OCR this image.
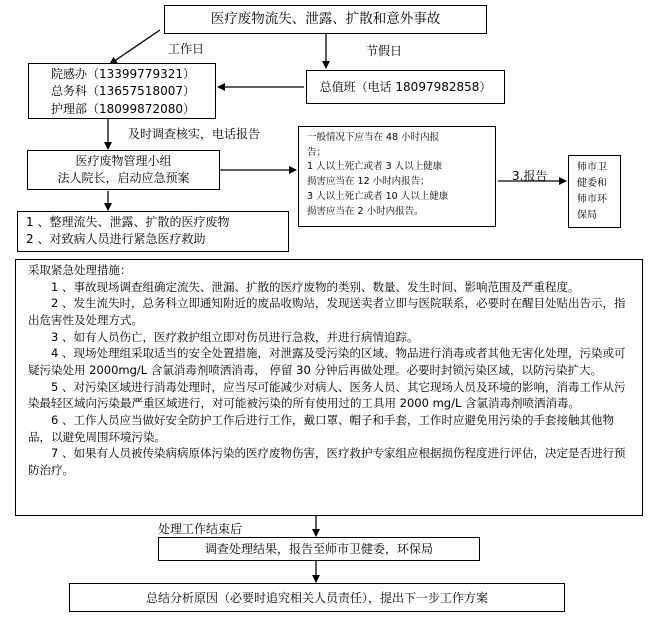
医疗废物流失、泄露、扩散和意外事故
工作日	节假日
院感办（13399779321）
总务科（13657518007）
护理部（18099872080）
总值班（电话 18097982858）
及时调查核实，电话报告
医疗废物管理小组
法人院长，启动应急预案
一般情况下应当在 48 小时内报
告；
1 人以上死亡或者 3 人以上健康
损害应当在 12 小时内报告；
3 人以上死亡或者 10 人以上健康
损害应当在 2 小时内报告。
3.报告
师市卫
健委和
师市环
保局
1 、整理流失、泄露、扩散的医疗废物
2 、对致病人员进行紧急医疗救助

采取紧急处理措施：

1 、事故现场调查组确定流失、泄漏、扩散的医疗废物的类别、数量、发生时间、影响范围及严重程度。

2 、发生流失时，总务科立即通知附近的废品收购站，发现送卖者立即与医院联系，必要时在醒目处贴出告示，指出危害性及处理方式。

3 、如有人员伤亡，医疗救护组立即对伤员进行急救，并进行病情追踪。

4 、现场处理组采取适当的安全处置措施，对泄露及受污染的区域、物品进行消毒或者其他无害化处理，污染或可疑污染处用 2000mg/L 含氯消毒剂喷洒消毒， 停留 30 分钟后再做处理。必要时封锁污染区域，以防污染扩大。

5 、对污染区域进行消毒处理时，应当尽可能减少对病人、医务人员、其它现场人员及环境的影响，消毒工作从污染最轻区域向污染最严重区域进行，对可能被污染的所有使用过的工具用 2000 mg/L 含氯消毒剂喷洒消毒。

6 、工作人员应当做好安全防护工作后进行工作，戴口罩、帽子和手套，工作时应避免用污染的手套接触其他物品，以避免周围环境污染。

7 、如果有人员被传染病病原体污染的医疗废物伤害，医疗救护专家组应根据损伤程度进行评估，决定是否进行预防治疗。

处理工作结束后
调查处理结果，报告至师市卫健委，环保局
总结分析原因（必要时追究相关人员责任），提出下一步工作方案
